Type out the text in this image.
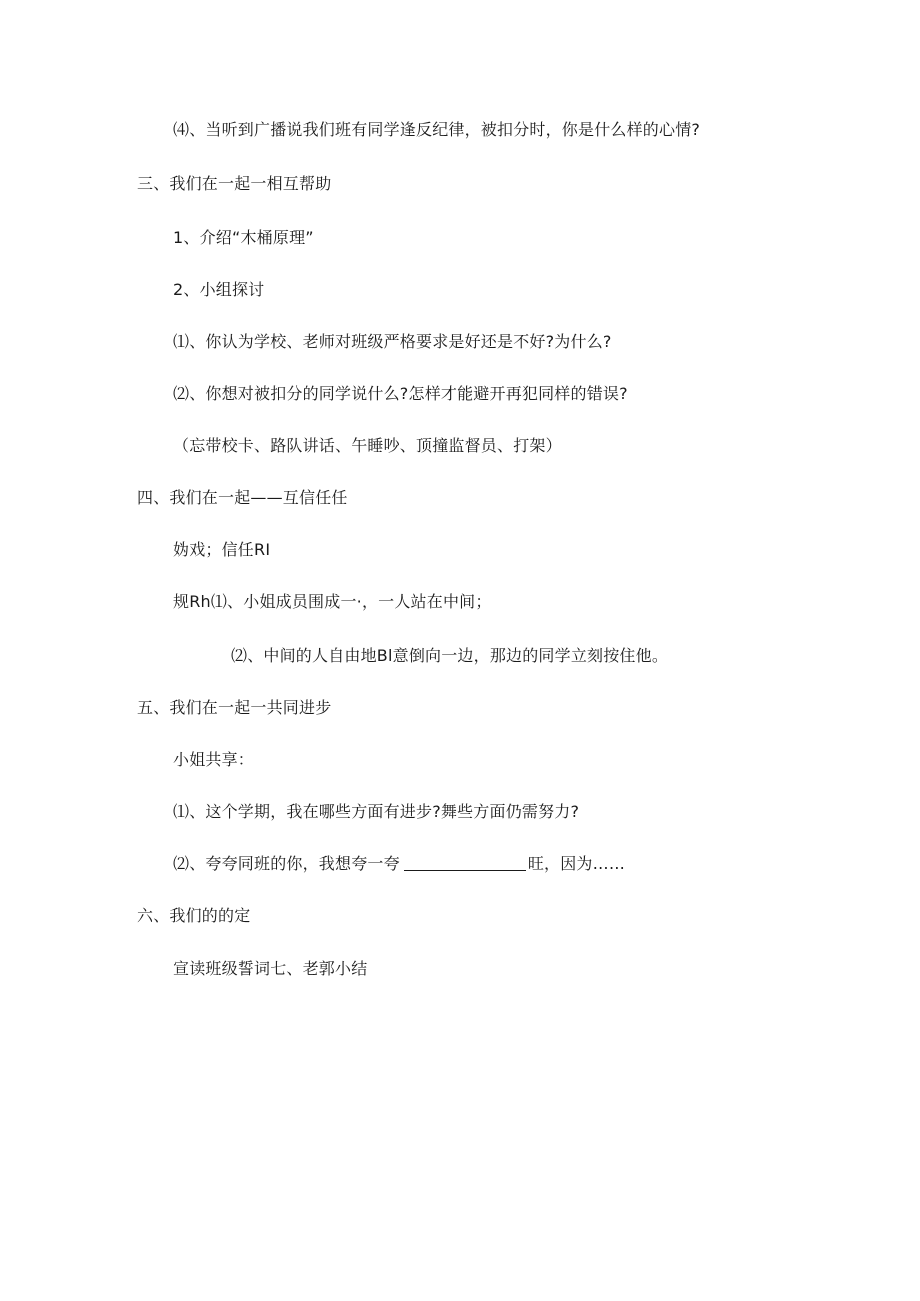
⑷、当听到广播说我们班有同学逢反纪律，被扣分时，你是什么样的心情?
三、我们在一起一相互帮助
1、介绍“木桶原理”
2、小组探讨
⑴、你认为学校、老师对班级严格要求是好还是不好?为什么?
⑵、你想对被扣分的同学说什么?怎样才能避开再犯同样的错误?
（忘带校卡、路队讲话、午睡吵、顶撞监督员、打架）
四、我们在一起——互信任任
妫戏；信任RI
规Rh⑴、小姐成员围成一·，一人站在中间；
⑵、中间的人自由地Bl意倒向一边，那边的同学立刻按住他。
五、我们在一起一共同进步
小姐共享：
⑴、这个学期，我在哪些方面有进步?舞些方面仍需努力?
⑵、夸夸同班的你，我想夸一夸	旺，因为……
六、我们的的定
宣读班级誓词七、老郭小结
